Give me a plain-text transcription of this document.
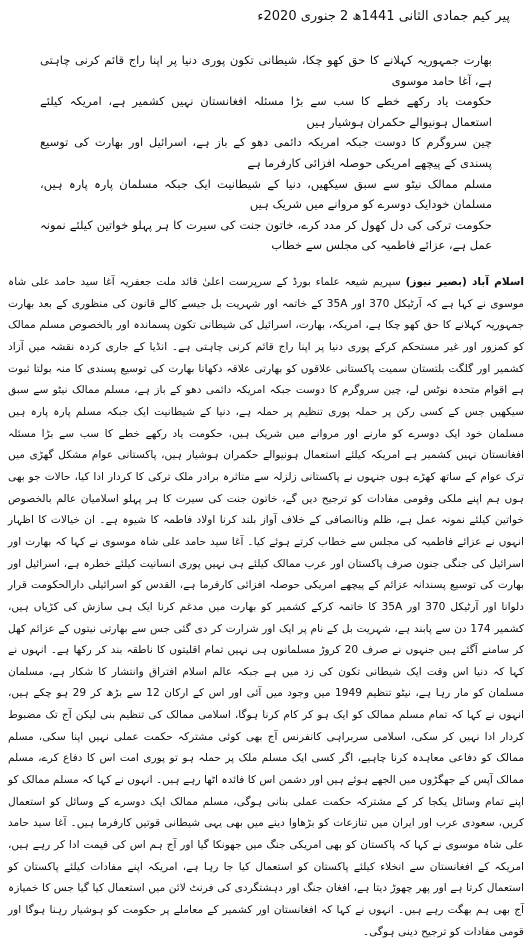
پیر کیم جمادی الثانی 1441ھ 2 جنوری 2020ء
بھارت جمہوریہ کہلانے کا حق کھو چکا، شیطانی تکون پوری دنیا پر اپنا راج قائم کرنی چاہتی ہے، آغا حامد موسوی
حکومت یاد رکھے خطے کا سب سے بڑا مسئلہ افغانستان نہیں کشمیر ہے، امریکہ کیلئے استعمال ہونیوالے حکمران ہوشیار ہیں
چین سروگرم کا دوست جبکہ امریکہ دائمی دھو کے باز ہے، اسرائیل اور بھارت کی توسیع پسندی کے پیچھے امریکی حوصلہ افزائی کارفرما ہے
مسلم ممالک نیٹو سے سبق سیکھیں، دنیا کے شیطانیت ایک جبکہ مسلمان پارہ پارہ ہیں، مسلمان خودایک دوسرے کو مروانے میں شریک ہیں
حکومت ترکی کی دل کھول کر مدد کرے، خاتون جنت کی سیرت کا ہر پہلو خواتین کیلئے نمونہ عمل ہے، عزائے فاطمیہ کی مجلس سے خطاب

اسلام آباد (بصیر نیوز) سپریم شیعہ علماء بورڈ کے سرپرست اعلیٰ قائد ملت جعفریہ آغا سید حامد علی شاہ موسوی نے کہا ہے کہ آرٹیکل 370 اور 35A کے خاتمہ اور شہریت بل جیسے کالے قانون کی منظوری کے بعد بھارت جمہوریہ کہلانے کا حق کھو چکا ہے، امریکہ، بھارت، اسرائیل کی شیطانی تکون پسماندہ اور بالخصوص مسلم ممالک کو کمزور اور غیر مستحکم کرکے پوری دنیا پر اپنا راج قائم کرنی چاہتی ہے۔ انڈیا کے جاری کردہ نقشہ میں آزاد کشمیر اور گلگت بلتستان سمیت پاکستانی علاقوں کو بھارتی علاقہ دکھانا بھارت کی توسیع پسندی کا منہ بولتا ثبوت ہے اقوام متحدہ نوٹس لے، چین سروگرم کا دوست جبکہ امریکہ دائمی دھو کے باز ہے، مسلم ممالک نیٹو سے سبق سیکھیں جس کے کسی رکن پر حملہ پوری تنظیم پر حملہ ہے، دنیا کے شیطانیت ایک جبکہ مسلم پارہ پارہ ہیں مسلمان خود ایک دوسرے کو مارنے اور مروانے میں شریک ہیں، حکومت یاد رکھے خطے کا سب سے بڑا مسئلہ افغانستان نہیں کشمیر ہے امریکہ کیلئے استعمال ہونیوالے حکمران ہوشیار ہیں، پاکستانی عوام مشکل گھڑی میں ترک عوام کے ساتھ کھڑے ہوں جنہوں نے پاکستانی زلزلہ سے متاثرہ برادر ملک ترکی کا کردار ادا کیا، حالات جو بھی ہوں ہم اپنے ملکی وقومی مفادات کو ترجیح دیں گے، خاتون جنت کی سیرت کا ہر پہلو اسلامیان عالم بالخصوص خواتین کیلئے نمونہ عمل ہے، ظلم وناانصافی کے خلاف آواز بلند کرنا اولاد فاطمہ کا شیوہ ہے۔ ان خیالات کا اظہار انہوں نے عزائے فاطمیہ کی مجلس سے خطاب کرتے ہوئے کیا۔ آغا سید حامد علی شاہ موسوی نے کہا کہ بھارت اور اسرائیل کی جنگی جنون صرف پاکستان اور عرب ممالک کیلئے ہی نہیں پوری انسانیت کیلئے خطرہ ہے، اسرائیل اور بھارت کی توسیع پسندانہ عزائم کے پیچھے امریکی حوصلہ افزائی کارفرما ہے، القدس کو اسرائیلی دارالحکومت قرار دلوانا اور آرٹیکل 370 اور 35A کا خاتمہ کرکے کشمیر کو بھارت میں مدغم کرنا ایک ہی سازش کی کڑیاں ہیں، کشمیر 174 دن سے پابند ہے، شہریت بل کے نام پر ایک اور شرارت کر دی گئی جس سے بھارتی نیتوں کے عزائم کھل کر سامنے آگئے ہیں جنہوں نے صرف 20 کروڑ مسلمانوں ہی نہیں تمام اقلیتوں کا ناطقہ بند کر رکھا ہے۔ انہوں نے کہا کہ دنیا اس وقت ایک شیطانی تکون کی زد میں ہے جبکہ عالم اسلام افتراق وانتشار کا شکار ہے، مسلمان مسلمان کو مار رہا ہے، نیٹو تنظیم 1949 میں وجود میں آئی اور اس کے ارکان 12 سے بڑھ کر 29 ہو چکے ہیں، انہوں نے کہا کہ تمام مسلم ممالک کو ایک ہو کر کام کرنا ہوگا، اسلامی ممالک کی تنظیم بنی لیکن آج تک مضبوط کردار ادا نہیں کر سکی، اسلامی سربراہی کانفرنس آج بھی کوئی مشترکہ حکمت عملی نہیں اپنا سکی، مسلم ممالک کو دفاعی معاہدہ کرنا چاہیے، اگر کسی ایک مسلم ملک پر حملہ ہو تو پوری امت اس کا دفاع کرے، مسلم ممالک آپس کے جھگڑوں میں الجھے ہوئے ہیں اور دشمن اس کا فائدہ اٹھا رہے ہیں۔ انہوں نے کہا کہ مسلم ممالک کو اپنے تمام وسائل یکجا کر کے مشترکہ حکمت عملی بنانی ہوگی، مسلم ممالک ایک دوسرے کے وسائل کو استعمال کریں، سعودی عرب اور ایران میں تنازعات کو بڑھاوا دینے میں بھی یہی شیطانی قوتیں کارفرما ہیں۔ آغا سید حامد علی شاہ موسوی نے کہا کہ پاکستان کو بھی امریکی جنگ میں جھونکا گیا اور آج ہم اس کی قیمت ادا کر رہے ہیں، امریکہ کے افغانستان سے انخلاء کیلئے پاکستان کو استعمال کیا جا رہا ہے، امریکہ اپنے مفادات کیلئے پاکستان کو استعمال کرتا ہے اور پھر چھوڑ دیتا ہے، افغان جنگ اور دہشتگردی کی فرنٹ لائن میں استعمال کیا گیا جس کا خمیازہ آج بھی ہم بھگت رہے ہیں۔ انہوں نے کہا کہ افغانستان اور کشمیر کے معاملے پر حکومت کو ہوشیار رہنا ہوگا اور قومی مفادات کو ترجیح دینی ہوگی۔
